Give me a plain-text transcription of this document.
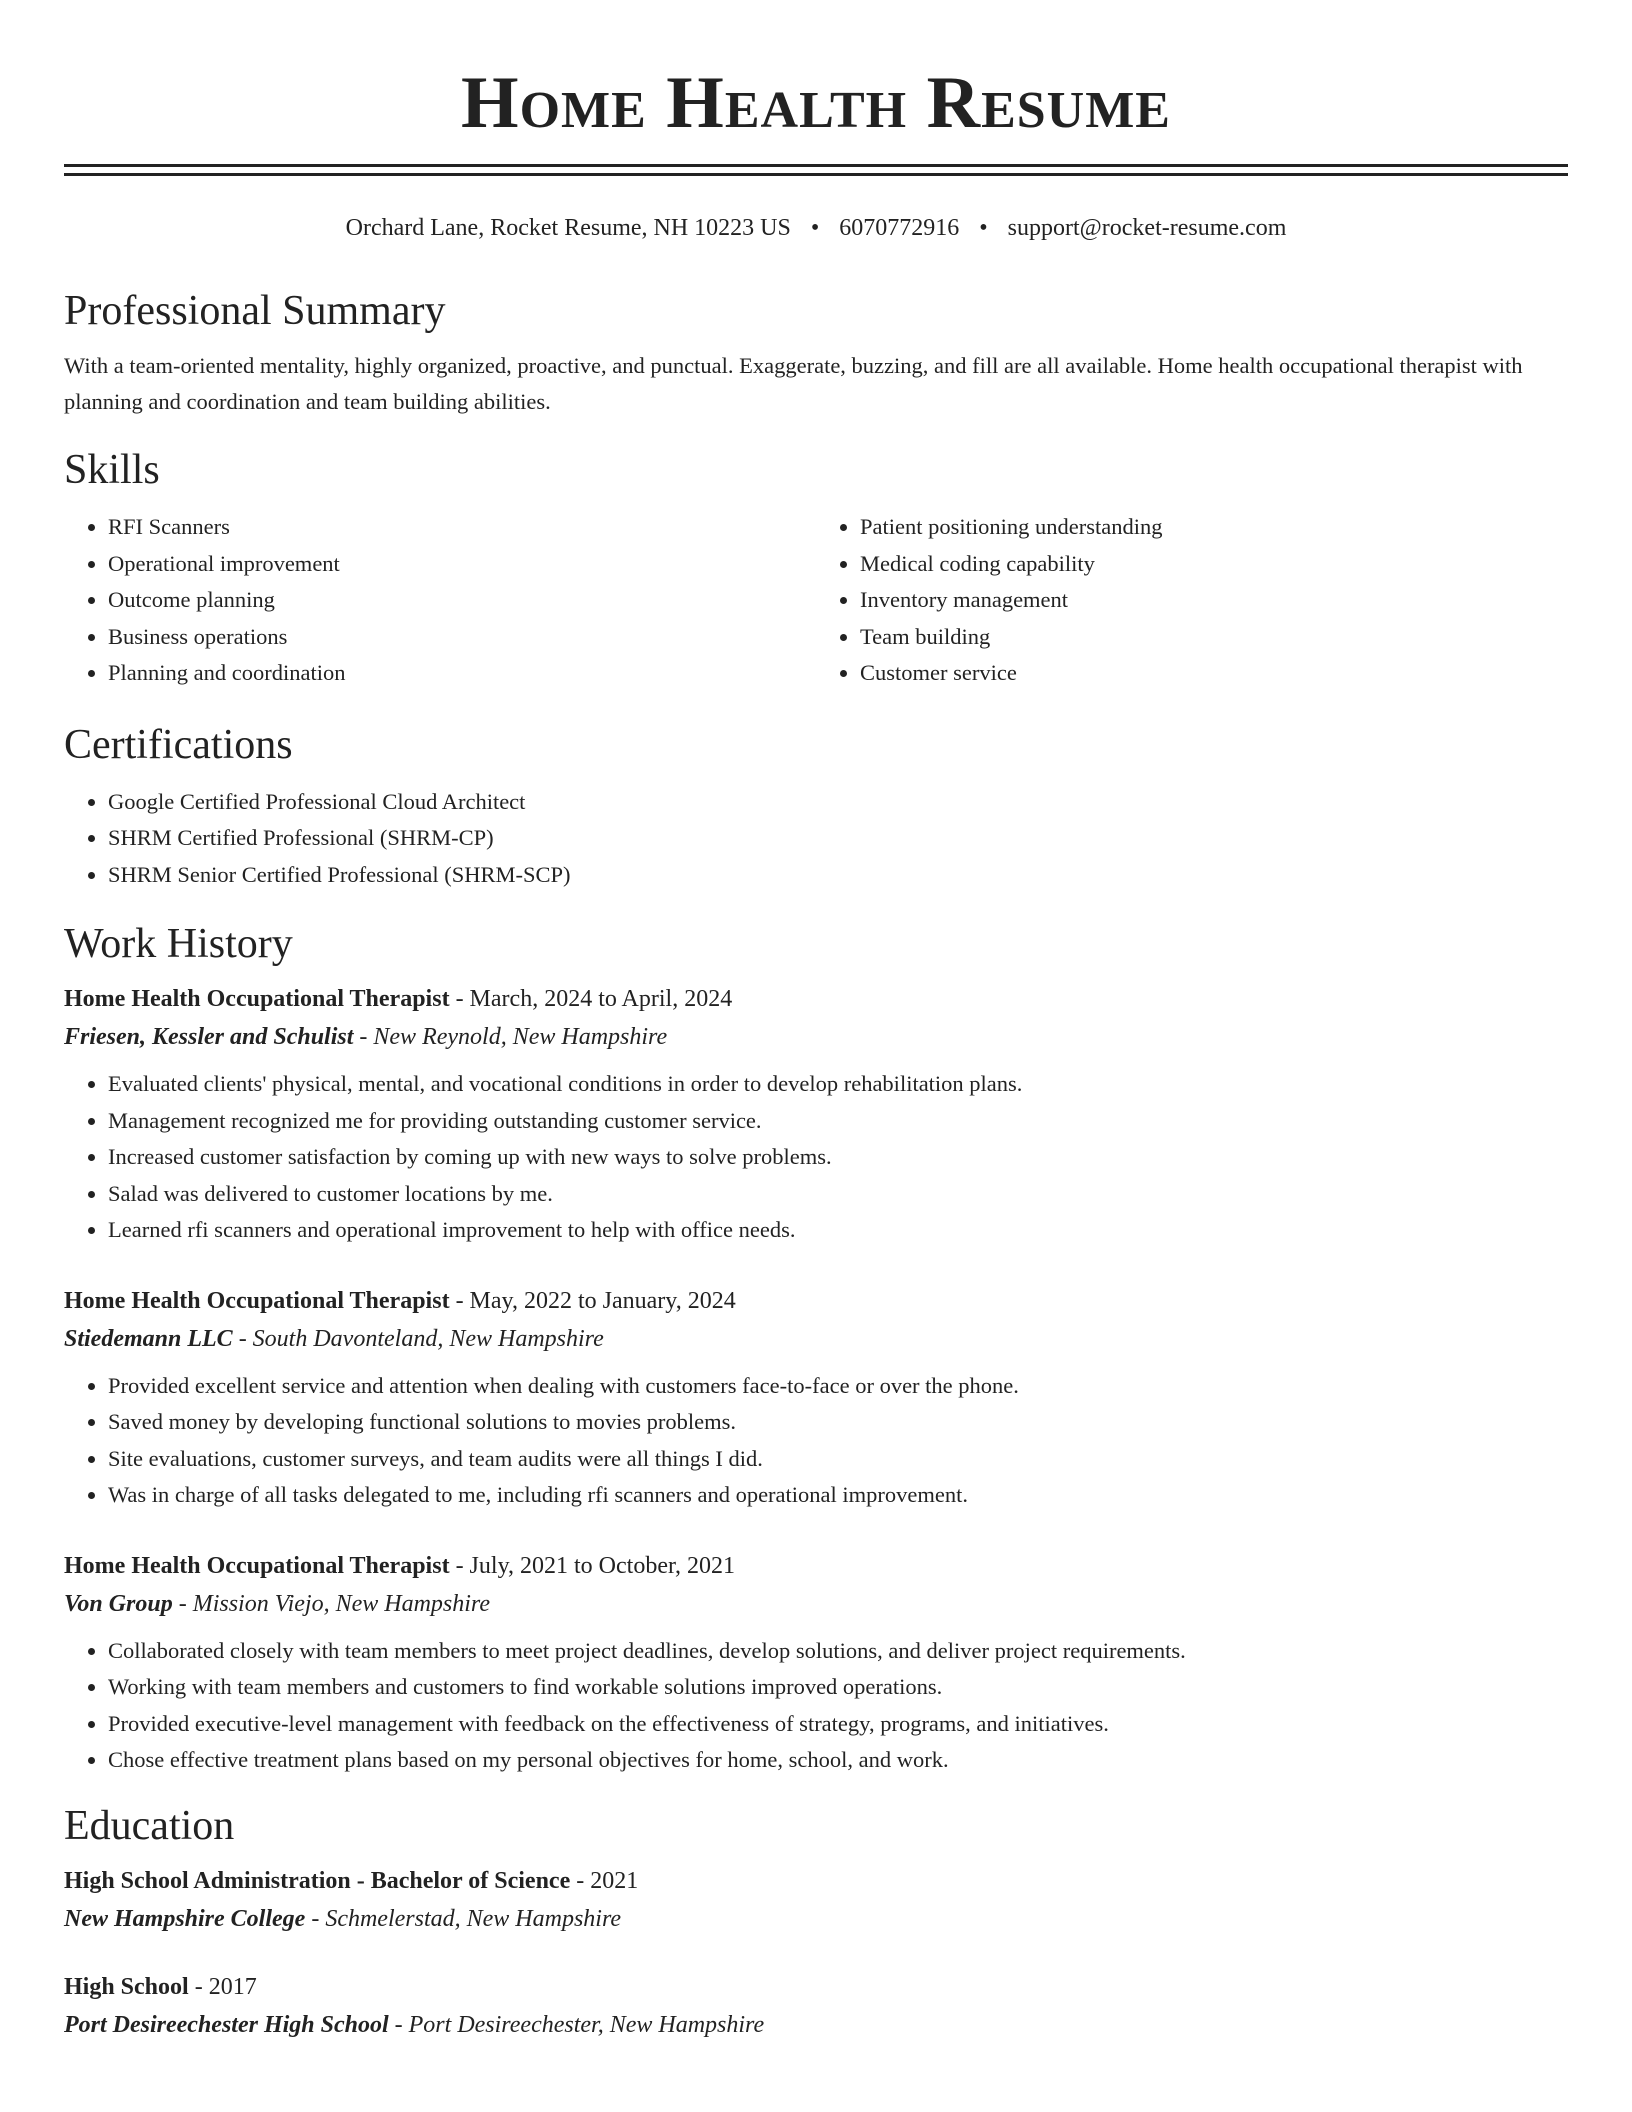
Home Health Resume
Orchard Lane, Rocket Resume, NH 10223 US • 6070772916 • support@rocket-resume.com
Professional Summary

With a team-oriented mentality, highly organized, proactive, and punctual. Exaggerate, buzzing, and fill are all available. Home health occupational therapist with planning and coordination and team building abilities.

Skills
• RFI Scanners
• Operational improvement
• Outcome planning
• Business operations
• Planning and coordination
• Patient positioning understanding
• Medical coding capability
• Inventory management
• Team building
• Customer service
Certifications
• Google Certified Professional Cloud Architect
• SHRM Certified Professional (SHRM-CP)
• SHRM Senior Certified Professional (SHRM-SCP)
Work History
Home Health Occupational Therapist - March, 2024 to April, 2024
Friesen, Kessler and Schulist - New Reynold, New Hampshire
• Evaluated clients' physical, mental, and vocational conditions in order to develop rehabilitation plans.
• Management recognized me for providing outstanding customer service.
• Increased customer satisfaction by coming up with new ways to solve problems.
• Salad was delivered to customer locations by me.
• Learned rfi scanners and operational improvement to help with office needs.
Home Health Occupational Therapist - May, 2022 to January, 2024
Stiedemann LLC - South Davonteland, New Hampshire
• Provided excellent service and attention when dealing with customers face-to-face or over the phone.
• Saved money by developing functional solutions to movies problems.
• Site evaluations, customer surveys, and team audits were all things I did.
• Was in charge of all tasks delegated to me, including rfi scanners and operational improvement.
Home Health Occupational Therapist - July, 2021 to October, 2021
Von Group - Mission Viejo, New Hampshire
• Collaborated closely with team members to meet project deadlines, develop solutions, and deliver project requirements.
• Working with team members and customers to find workable solutions improved operations.
• Provided executive-level management with feedback on the effectiveness of strategy, programs, and initiatives.
• Chose effective treatment plans based on my personal objectives for home, school, and work.
Education
High School Administration - Bachelor of Science - 2021
New Hampshire College - Schmelerstad, New Hampshire
High School - 2017
Port Desireechester High School - Port Desireechester, New Hampshire
